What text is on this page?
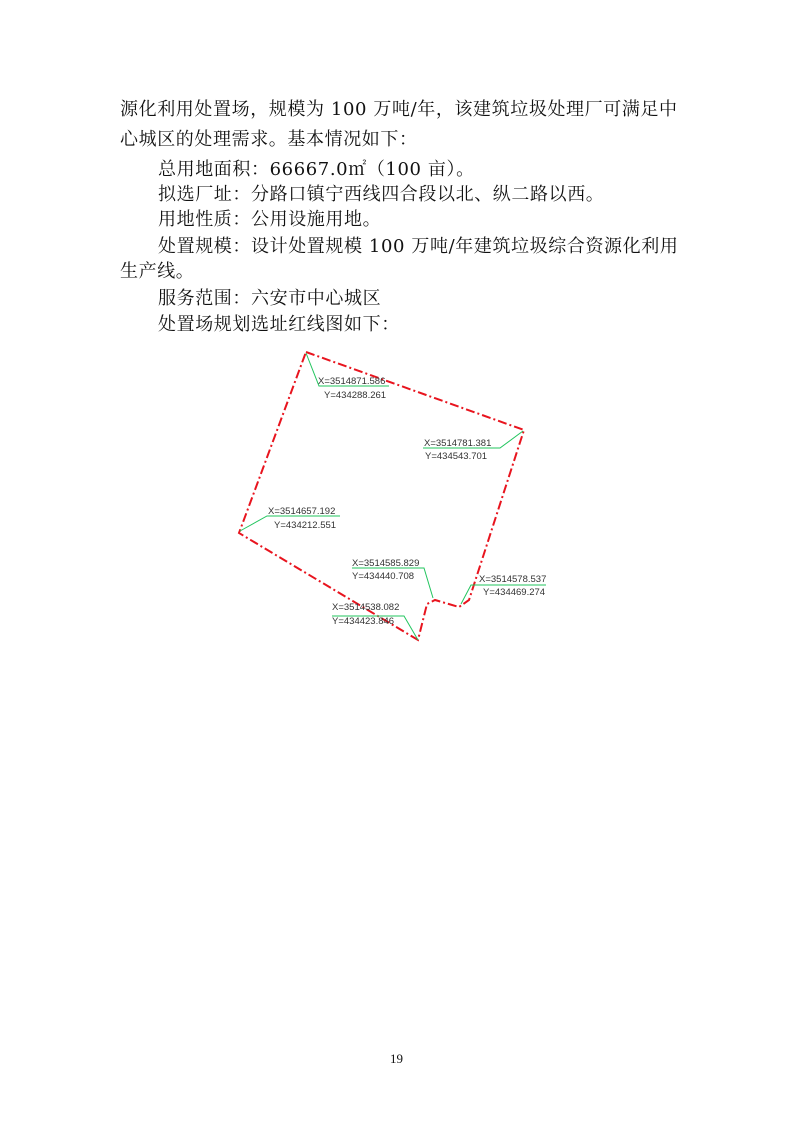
源化利用处置场，规模为 100 万吨/年，该建筑垃圾处理厂可满足中
心城区的处理需求。基本情况如下：
总用地面积：66667.0㎡（100 亩）。
拟选厂址：分路口镇宁西线四合段以北、纵二路以西。
用地性质：公用设施用地。
处置规模：设计处置规模 100 万吨/年建筑垃圾综合资源化利用
生产线。
服务范围：六安市中心城区
处置场规划选址红线图如下：
X=3514871.586
Y=434288.261
X=3514781.381
Y=434543.701
X=3514657.192
Y=434212.551
X=3514585.829
Y=434440.708	X=3514578.537
Y=434469.274
X=3514538.082
Y=434423.846
19
